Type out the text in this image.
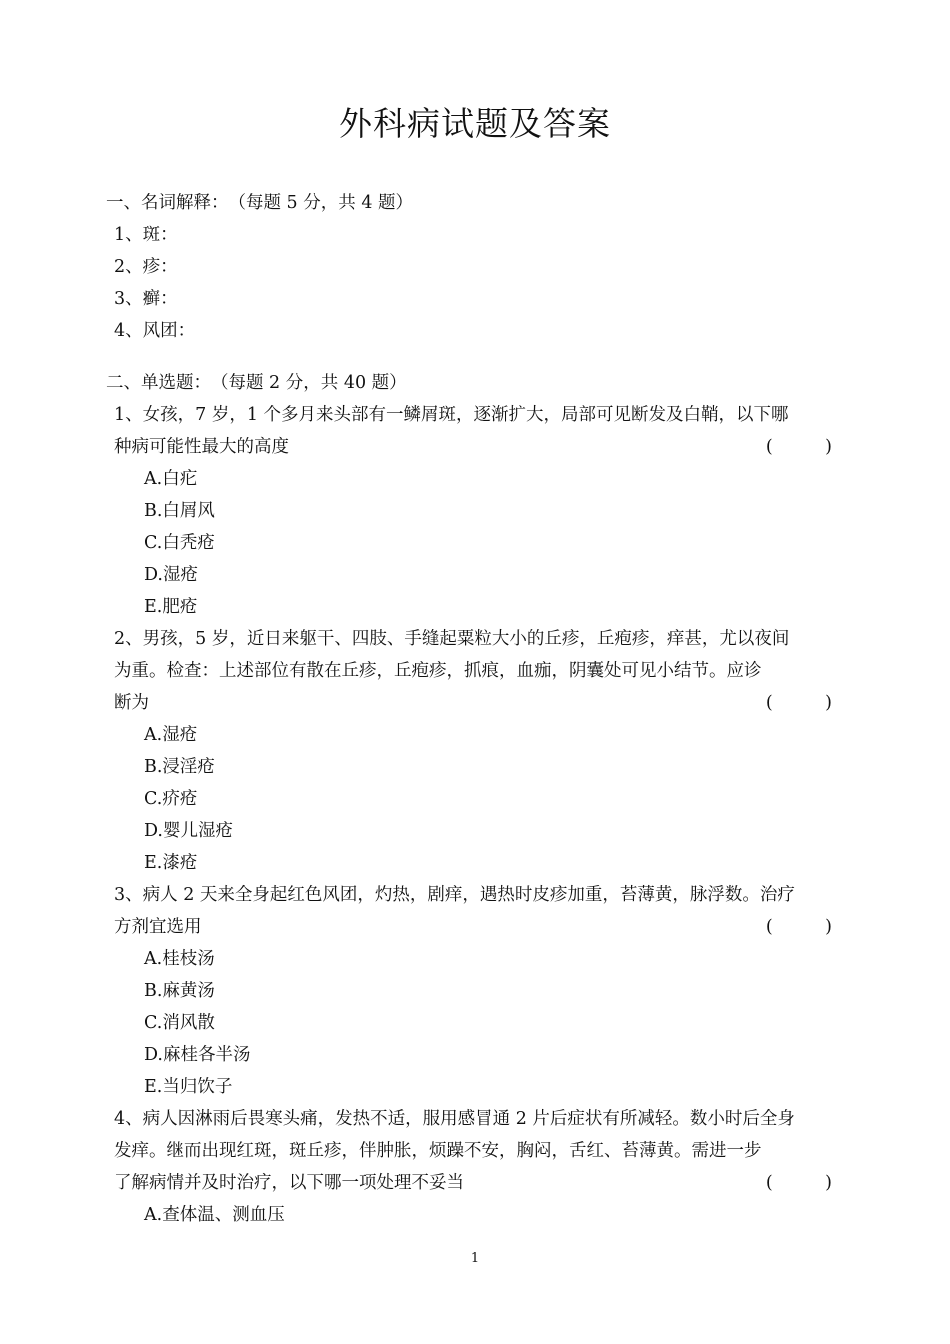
外科病试题及答案
一、名词解释：　（每题 5 分，共 4 题）
1、斑：
2、疹：
3、癣：
4、风团：
二、单选题：　（每题 2 分，共 40 题）
1、女孩，7 岁，1 个多月来头部有一鳞屑斑，逐渐扩大，局部可见断发及白鞘，以下哪
种病可能性最大的高度	(　　　)
A.白疕
B.白屑风
C.白秃疮
D.湿疮
E.肥疮
2、男孩，5 岁，近日来躯干、四肢、手缝起粟粒大小的丘疹，丘疱疹，痒甚，尤以夜间
为重。检查：上述部位有散在丘疹，丘疱疹，抓痕，血痂，阴囊处可见小结节。应诊
断为	(　　　)
A.湿疮
B.浸淫疮
C.疥疮
D.婴儿湿疮
E.漆疮
3、病人 2 天来全身起红色风团，灼热，剧痒，遇热时皮疹加重，苔薄黄，脉浮数。治疗
方剂宜选用	(　　　)
A.桂枝汤
B.麻黄汤
C.消风散
D.麻桂各半汤
E.当归饮子
4、病人因淋雨后畏寒头痛，发热不适，服用感冒通 2 片后症状有所减轻。数小时后全身
发痒。继而出现红斑，斑丘疹，伴肿胀，烦躁不安，胸闷，舌红、苔薄黄。需进一步
了解病情并及时治疗，以下哪一项处理不妥当	(　　　)
A.查体温、测血压
1
